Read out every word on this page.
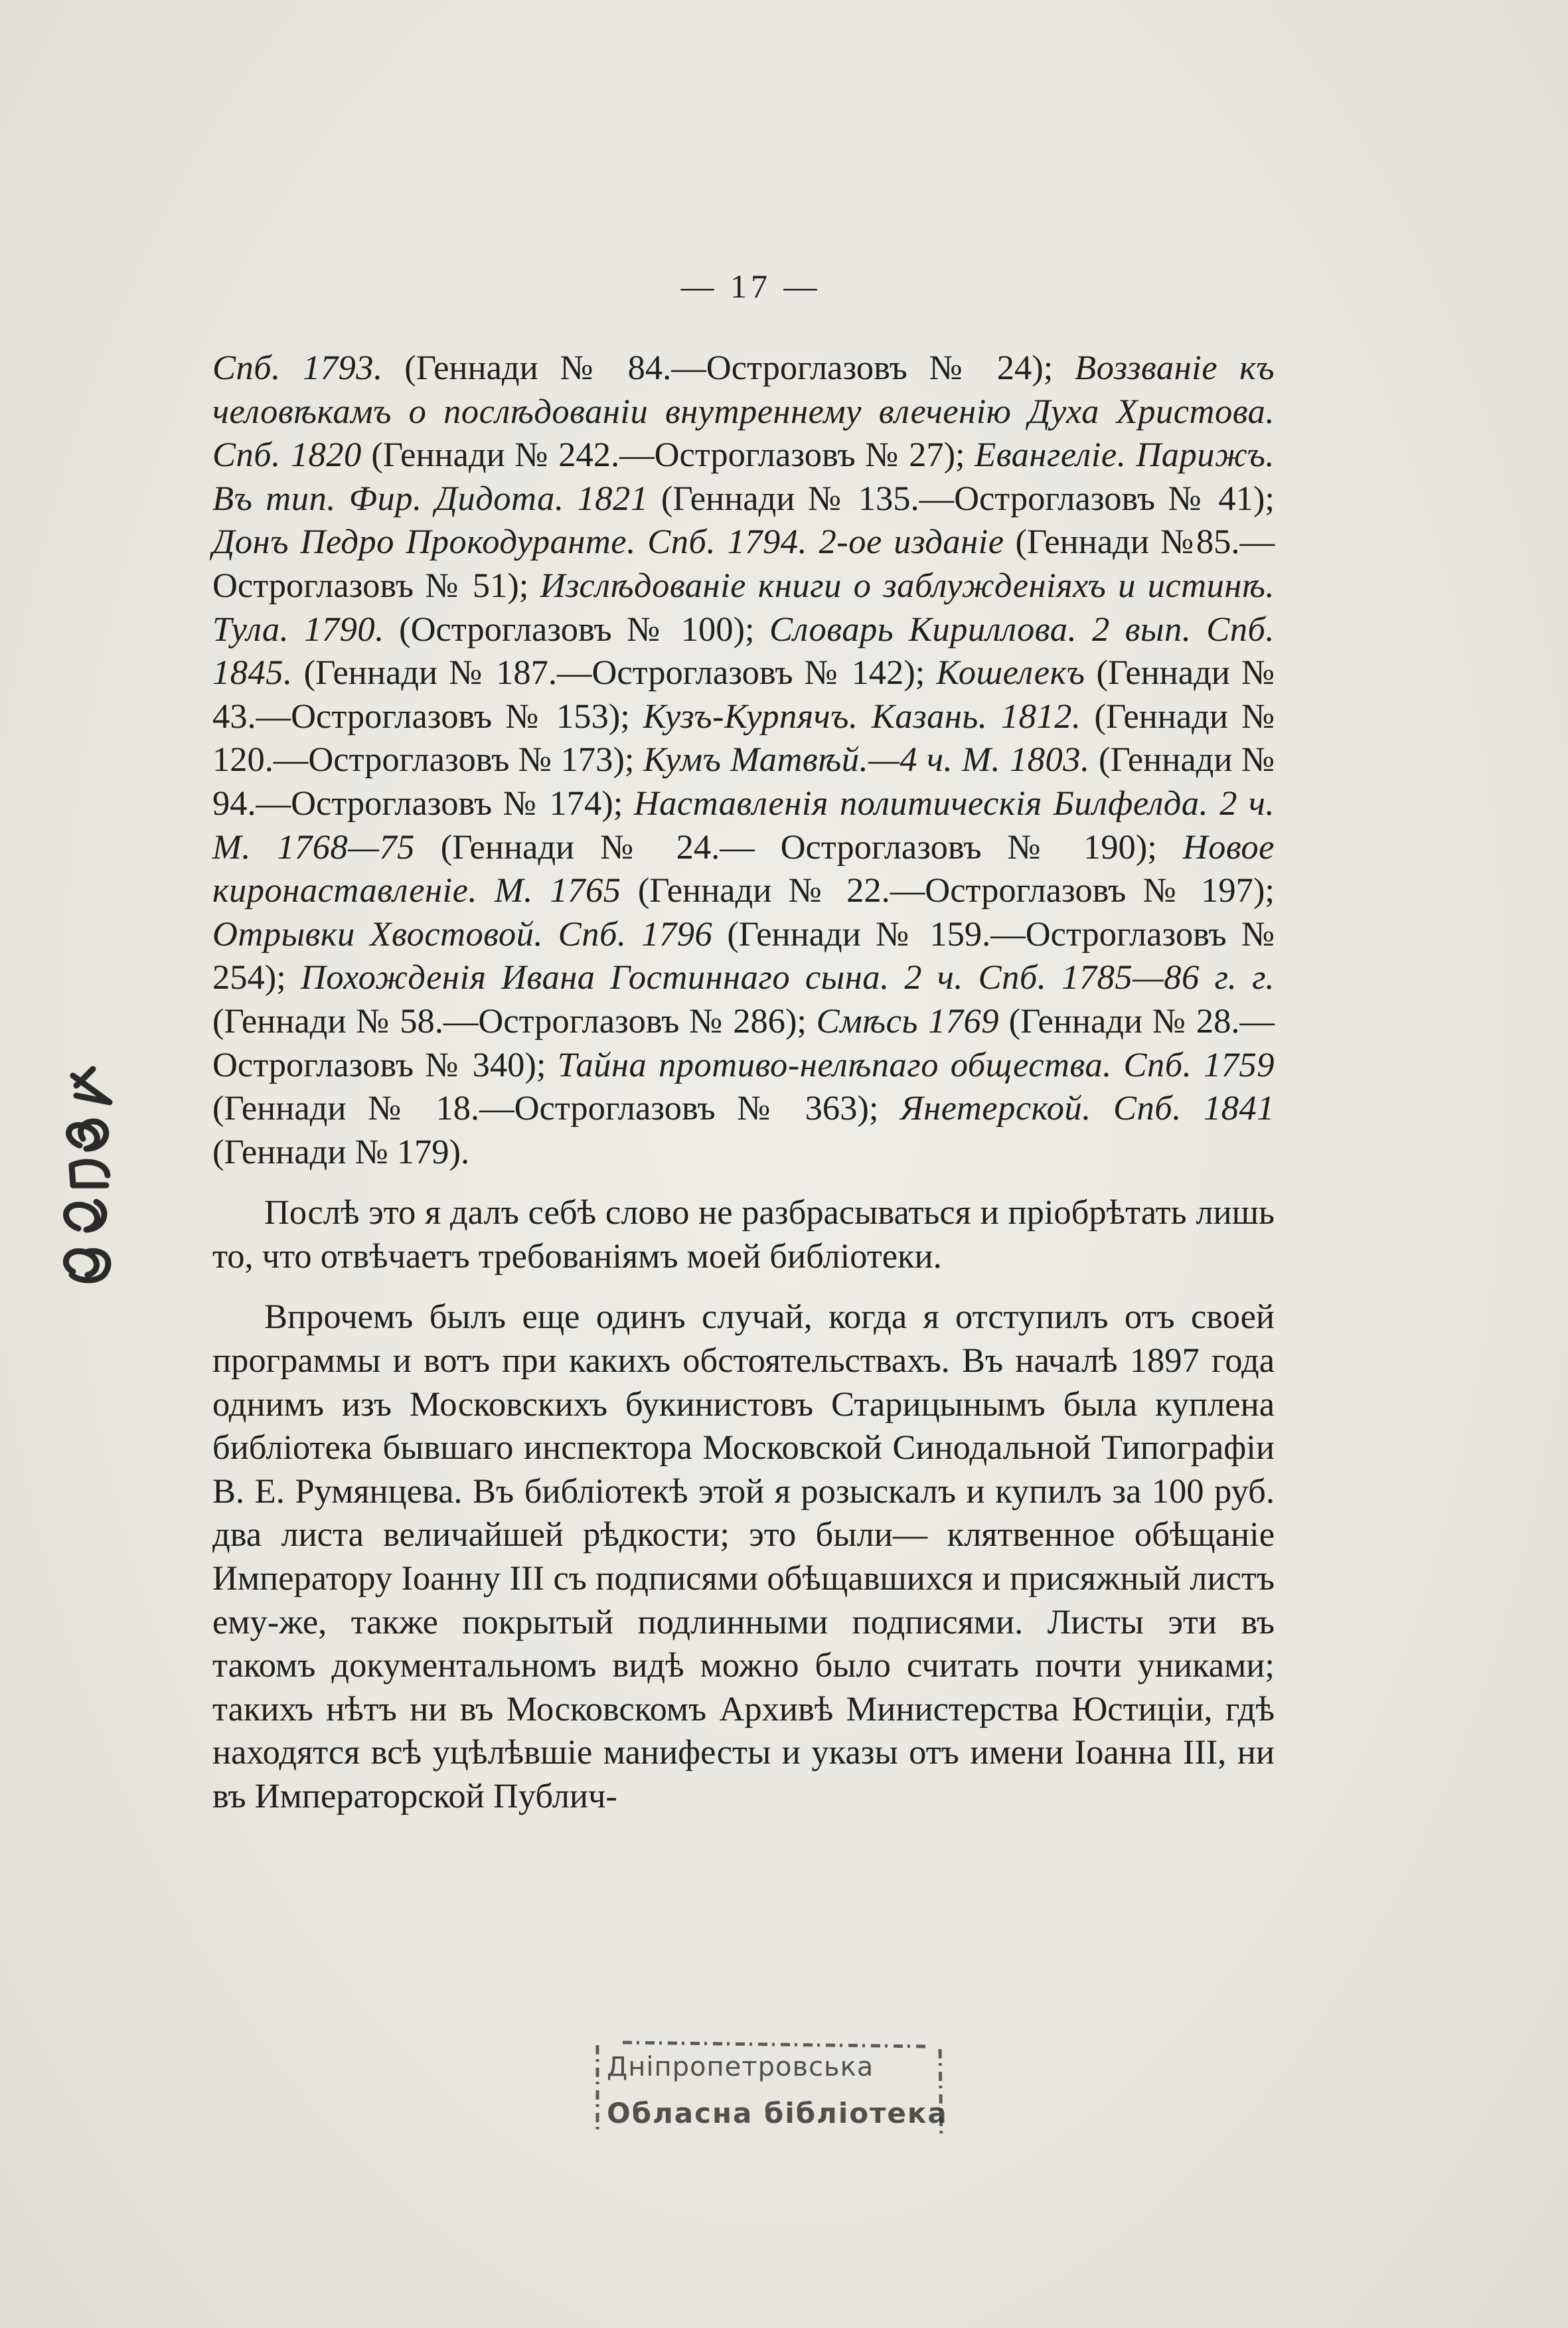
— 17 —

Спб. 1793. (Геннади № 84.—Остроглазовъ № 24); Воззваніе къ человѣкамъ о послѣдованіи внутреннему влеченію Духа Христова. Спб. 1820 (Геннади № 242.—Остроглазовъ № 27); Евангеліе. Парижъ. Въ тип. Фир. Дидота. 1821 (Геннади № 135.—Остроглазовъ № 41); Донъ Педро Прокодуранте. Спб. 1794. 2-ое изданіе (Геннади №85.—Остроглазовъ № 51); Изслѣдованіе книги о заблужденіяхъ и истинѣ. Тула. 1790. (Остроглазовъ № 100); Словарь Кириллова. 2 вып. Спб. 1845. (Геннади № 187.—Остроглазовъ № 142); Кошелекъ (Геннади № 43.—Остроглазовъ № 153); Кузъ-Курпячъ. Казань. 1812. (Геннади № 120.—Остроглазовъ № 173); Кумъ Матвѣй.—4 ч. М. 1803. (Геннади № 94.—Остроглазовъ № 174); Наставленія политическія Билфелда. 2 ч. М. 1768—75 (Геннади № 24.— Остроглазовъ № 190); Новое киронаставленіе. М. 1765 (Геннади № 22.—Остроглазовъ № 197); Отрывки Хвостовой. Спб. 1796 (Геннади № 159.—Остроглазовъ № 254); Похожденія Ивана Гостиннаго сына. 2 ч. Спб. 1785—86 г. г. (Геннади № 58.—Остроглазовъ № 286); Смѣсь 1769 (Геннади № 28.—Остроглазовъ № 340); Тайна противо-нелѣпаго общества. Спб. 1759 (Геннади № 18.—Остроглазовъ № 363); Янетерской. Спб. 1841 (Геннади № 179).

Послѣ это я далъ себѣ слово не разбрасываться и пріобрѣтать лишь то, что отвѣчаетъ требованіямъ моей библіотеки.

Впрочемъ былъ еще одинъ случай, когда я отступилъ отъ своей программы и вотъ при какихъ обстоятельствахъ. Въ началѣ 1897 года однимъ изъ Московскихъ букинистовъ Старицынымъ была куплена библіотека бывшаго инспектора Московской Синодальной Типографіи В. Е. Румянцева. Въ библіотекѣ этой я розыскалъ и купилъ за 100 руб. два листа величайшей рѣдкости; это были— клятвенное обѣщаніе Императору Іоанну III съ подписями обѣщавшихся и присяжный листъ ему-же, также покрытый подлинными подписями. Листы эти въ такомъ документальномъ видѣ можно было считать почти униками; такихъ нѣтъ ни въ Московскомъ Архивѣ Министерства Юстиціи, гдѣ находятся всѣ уцѣлѣвшіе манифесты и указы отъ имени Іоанна III, ни въ Императорской Публич-

Днiпропетровська
Обласна бiблiотека
